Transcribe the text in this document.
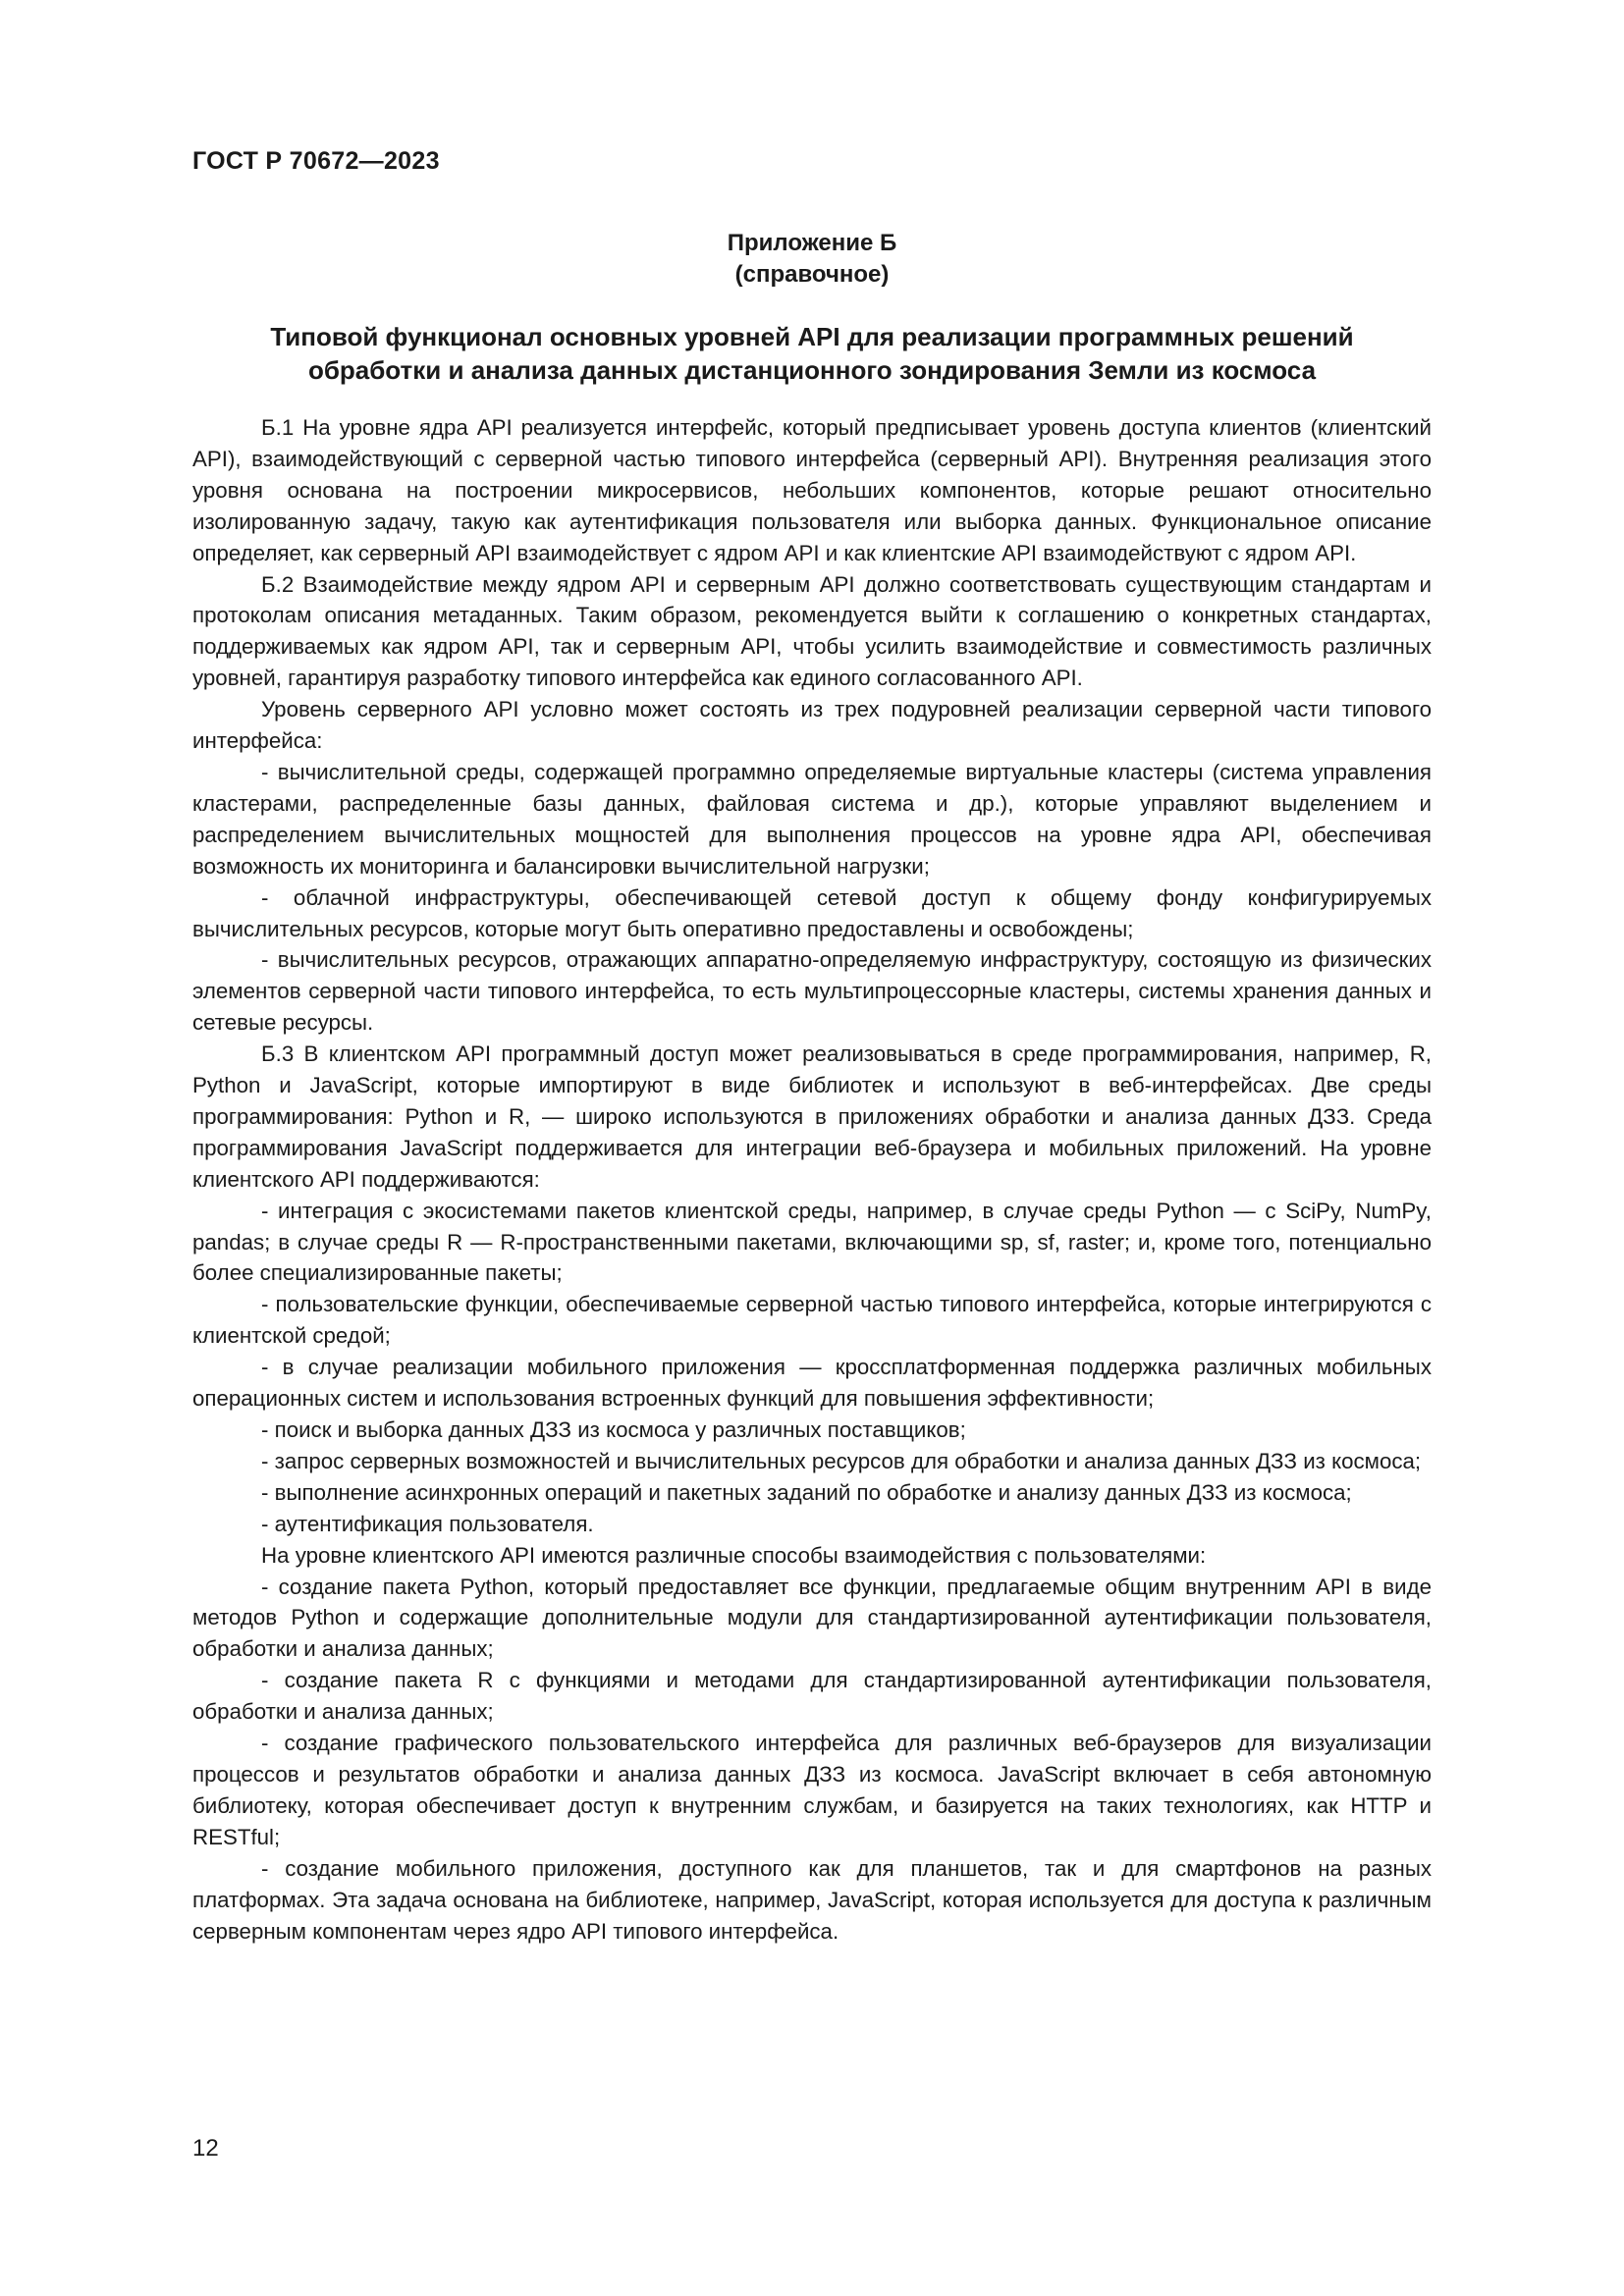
ГОСТ Р 70672—2023
Приложение Б
(справочное)
Типовой функционал основных уровней API для реализации программных решений
обработки и анализа данных дистанционного зондирования Земли из космоса

Б.1 На уровне ядра API реализуется интерфейс, который предписывает уровень доступа клиентов (клиентский API), взаимодействующий с серверной частью типового интерфейса (серверный API). Внутренняя реализация этого уровня основана на построении микросервисов, небольших компонентов, которые решают относительно изолированную задачу, такую как аутентификация пользователя или выборка данных. Функциональное описание определяет, как серверный API взаимодействует с ядром API и как клиентские API взаимодействуют с ядром API.

Б.2 Взаимодействие между ядром API и серверным API должно соответствовать существующим стандартам и протоколам описания метаданных. Таким образом, рекомендуется выйти к соглашению о конкретных стандартах, поддерживаемых как ядром API, так и серверным API, чтобы усилить взаимодействие и совместимость различных уровней, гарантируя разработку типового интерфейса как единого согласованного API.

Уровень серверного API условно может состоять из трех подуровней реализации серверной части типового интерфейса:

- вычислительной среды, содержащей программно определяемые виртуальные кластеры (система управления кластерами, распределенные базы данных, файловая система и др.), которые управляют выделением и распределением вычислительных мощностей для выполнения процессов на уровне ядра API, обеспечивая возможность их мониторинга и балансировки вычислительной нагрузки;

- облачной инфраструктуры, обеспечивающей сетевой доступ к общему фонду конфигурируемых вычислительных ресурсов, которые могут быть оперативно предоставлены и освобождены;

- вычислительных ресурсов, отражающих аппаратно-определяемую инфраструктуру, состоящую из физических элементов серверной части типового интерфейса, то есть мультипроцессорные кластеры, системы хранения данных и сетевые ресурсы.

Б.3 В клиентском API программный доступ может реализовываться в среде программирования, например, R, Python и JavaScript, которые импортируют в виде библиотек и используют в веб-интерфейсах. Две среды программирования: Python и R, — широко используются в приложениях обработки и анализа данных ДЗЗ. Среда программирования JavaScript поддерживается для интеграции веб-браузера и мобильных приложений. На уровне клиентского API поддерживаются:

- интеграция с экосистемами пакетов клиентской среды, например, в случае среды Python — с SciPy, NumPy, pandas; в случае среды R — R-пространственными пакетами, включающими sp, sf, raster; и, кроме того, потенциально более специализированные пакеты;

- пользовательские функции, обеспечиваемые серверной частью типового интерфейса, которые интегрируются с клиентской средой;

- в случае реализации мобильного приложения — кроссплатформенная поддержка различных мобильных операционных систем и использования встроенных функций для повышения эффективности;

- поиск и выборка данных ДЗЗ из космоса у различных поставщиков;

- запрос серверных возможностей и вычислительных ресурсов для обработки и анализа данных ДЗЗ из космоса;

- выполнение асинхронных операций и пакетных заданий по обработке и анализу данных ДЗЗ из космоса;

- аутентификация пользователя.

На уровне клиентского API имеются различные способы взаимодействия с пользователями:

- создание пакета Python, который предоставляет все функции, предлагаемые общим внутренним API в виде методов Python и содержащие дополнительные модули для стандартизированной аутентификации пользователя, обработки и анализа данных;

- создание пакета R с функциями и методами для стандартизированной аутентификации пользователя, обработки и анализа данных;

- создание графического пользовательского интерфейса для различных веб-браузеров для визуализации процессов и результатов обработки и анализа данных ДЗЗ из космоса. JavaScript включает в себя автономную библиотеку, которая обеспечивает доступ к внутренним службам, и базируется на таких технологиях, как HTTP и RESTful;

- создание мобильного приложения, доступного как для планшетов, так и для смартфонов на разных платформах. Эта задача основана на библиотеке, например, JavaScript, которая используется для доступа к различным серверным компонентам через ядро API типового интерфейса.

12
